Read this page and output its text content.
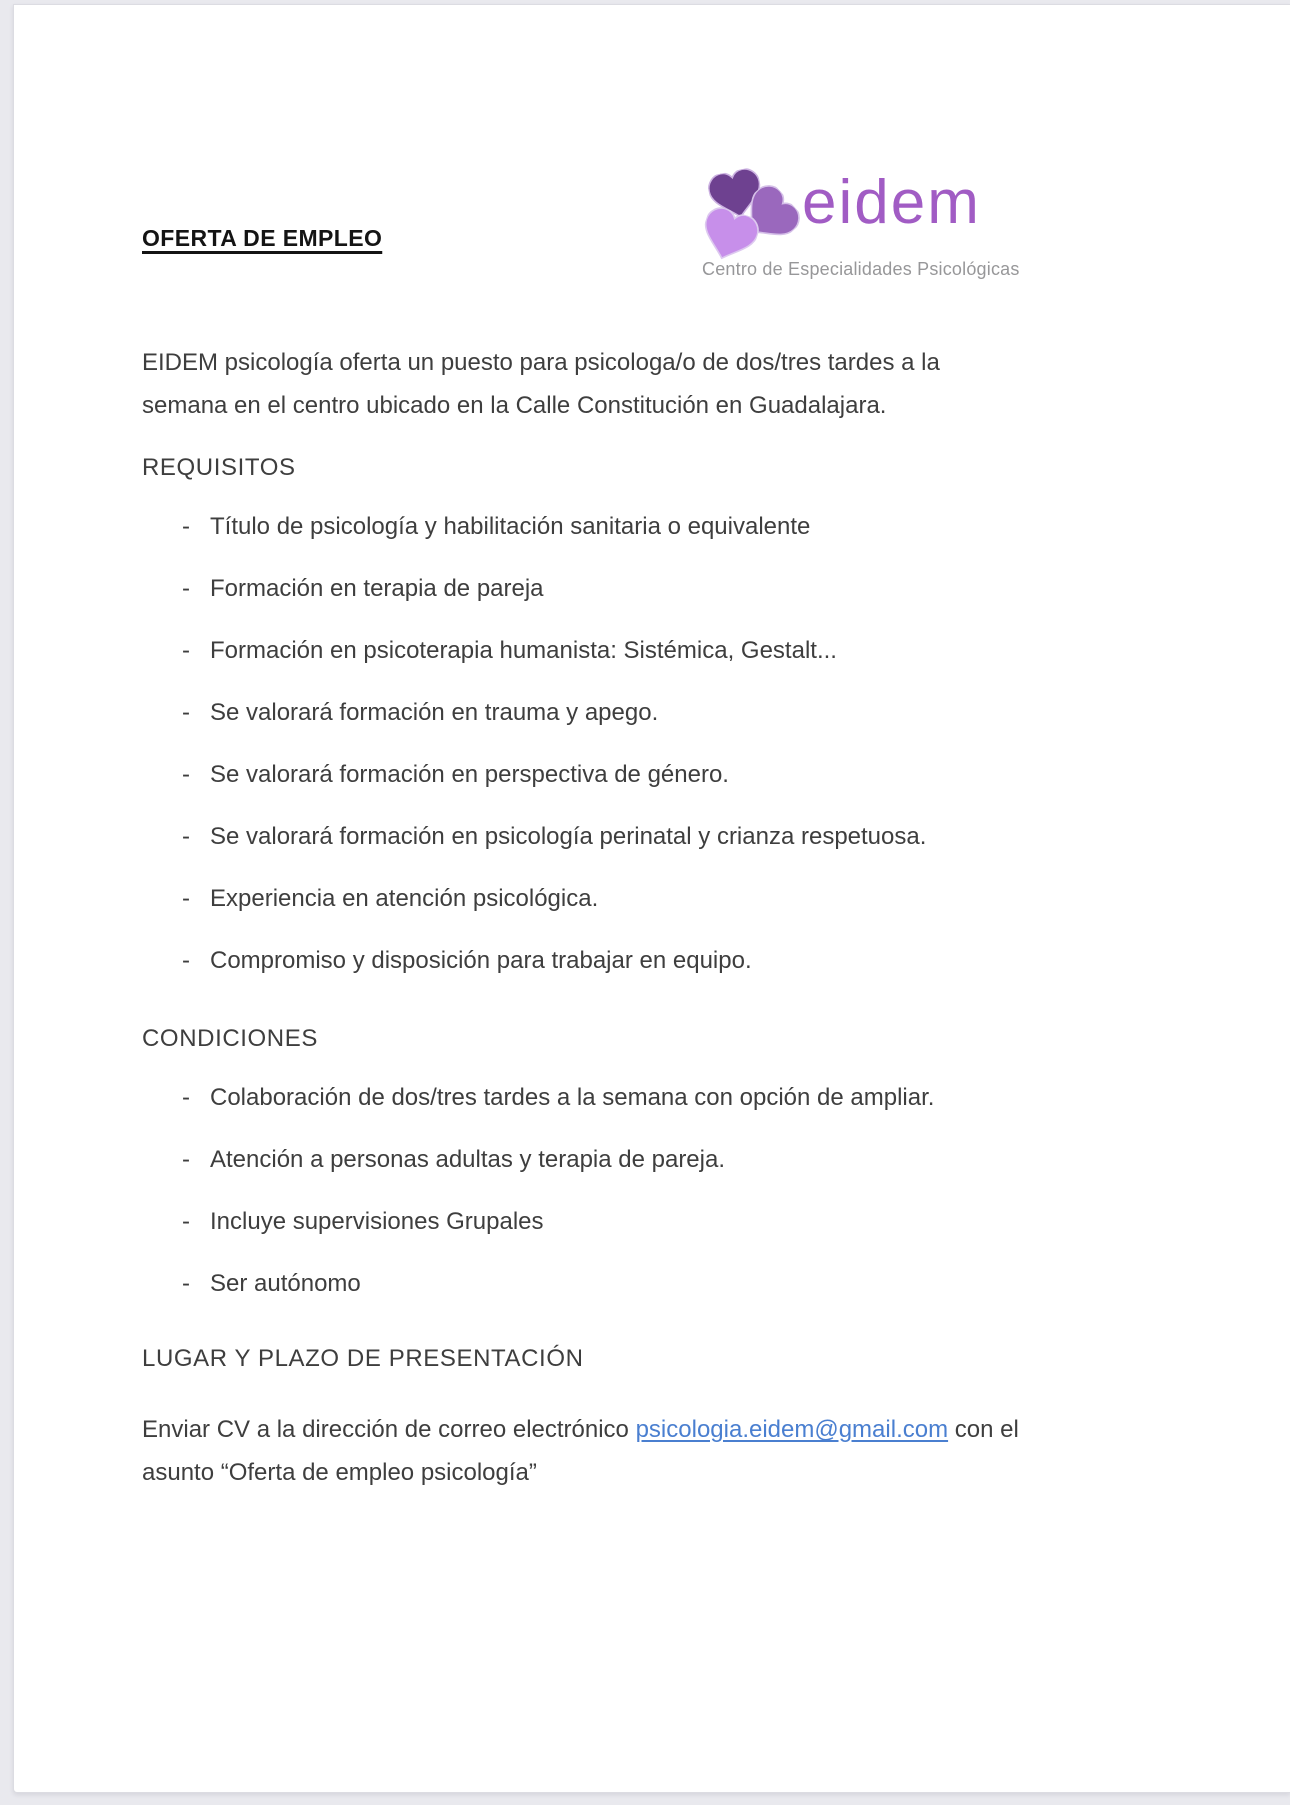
OFERTA DE EMPLEO
eidem
Centro de Especialidades Psicológicas

EIDEM psicología oferta un puesto para psicologa/o de dos/tres tardes a la
semana en el centro ubicado en la Calle Constitución en Guadalajara.

REQUISITOS
- Título de psicología y habilitación sanitaria o equivalente
- Formación en terapia de pareja
- Formación en psicoterapia humanista: Sistémica, Gestalt...
- Se valorará formación en trauma y apego.
- Se valorará formación en perspectiva de género.
- Se valorará formación en psicología perinatal y crianza respetuosa.
- Experiencia en atención psicológica.
- Compromiso y disposición para trabajar en equipo.
CONDICIONES
- Colaboración de dos/tres tardes a la semana con opción de ampliar.
- Atención a personas adultas y terapia de pareja.
- Incluye supervisiones Grupales
- Ser autónomo
LUGAR Y PLAZO DE PRESENTACIÓN

Enviar CV a la dirección de correo electrónico psicologia.eidem@gmail.com con el
asunto “Oferta de empleo psicología”
